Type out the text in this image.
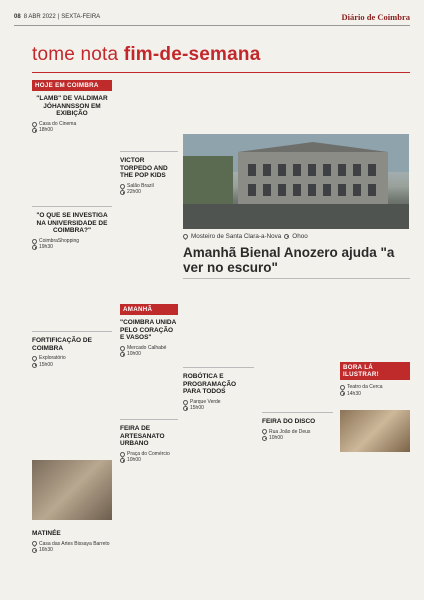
08 8 ABR 2022 | SEXTA-FEIRA	Diário de Coimbra
tome nota fim-de-semana
HOJE EM COIMBRA
"LAMB" DE VALDIMAR JÓHANNSSON EM EXIBIÇÃO
Casa do Cinema
18h00
"O QUE SE INVESTIGA NA UNIVERSIDADE DE COIMBRA?"
CoimbraShopping
19h30
FORTIFICAÇÃO DE COIMBRA
Exploratório
15h00
MATINÉE
Casa das Artes Bissaya Barreto
16h30
VICTOR TORPEDO AND THE POP KIDS
Salão Brazil
22h00
AMANHÃ
"COIMBRA UNIDA PELO CORAÇÃO E VASOS"
Mercado Calhabé
10h00
FEIRA DE ARTESANATO URBANO
Praça do Comércio
10h00
Mosteiro de Santa Clara-a-Nova Ohoo
Amanhã Bienal Anozero ajuda "a ver no escuro"
ROBÓTICA E PROGRAMAÇÃO PARA TODOS
Parque Verde
15h00
FEIRA DO DISCO
Rua João de Deus
10h00
BORA LÁ ILUSTRAR!
Teatro da Cerca
14h30
